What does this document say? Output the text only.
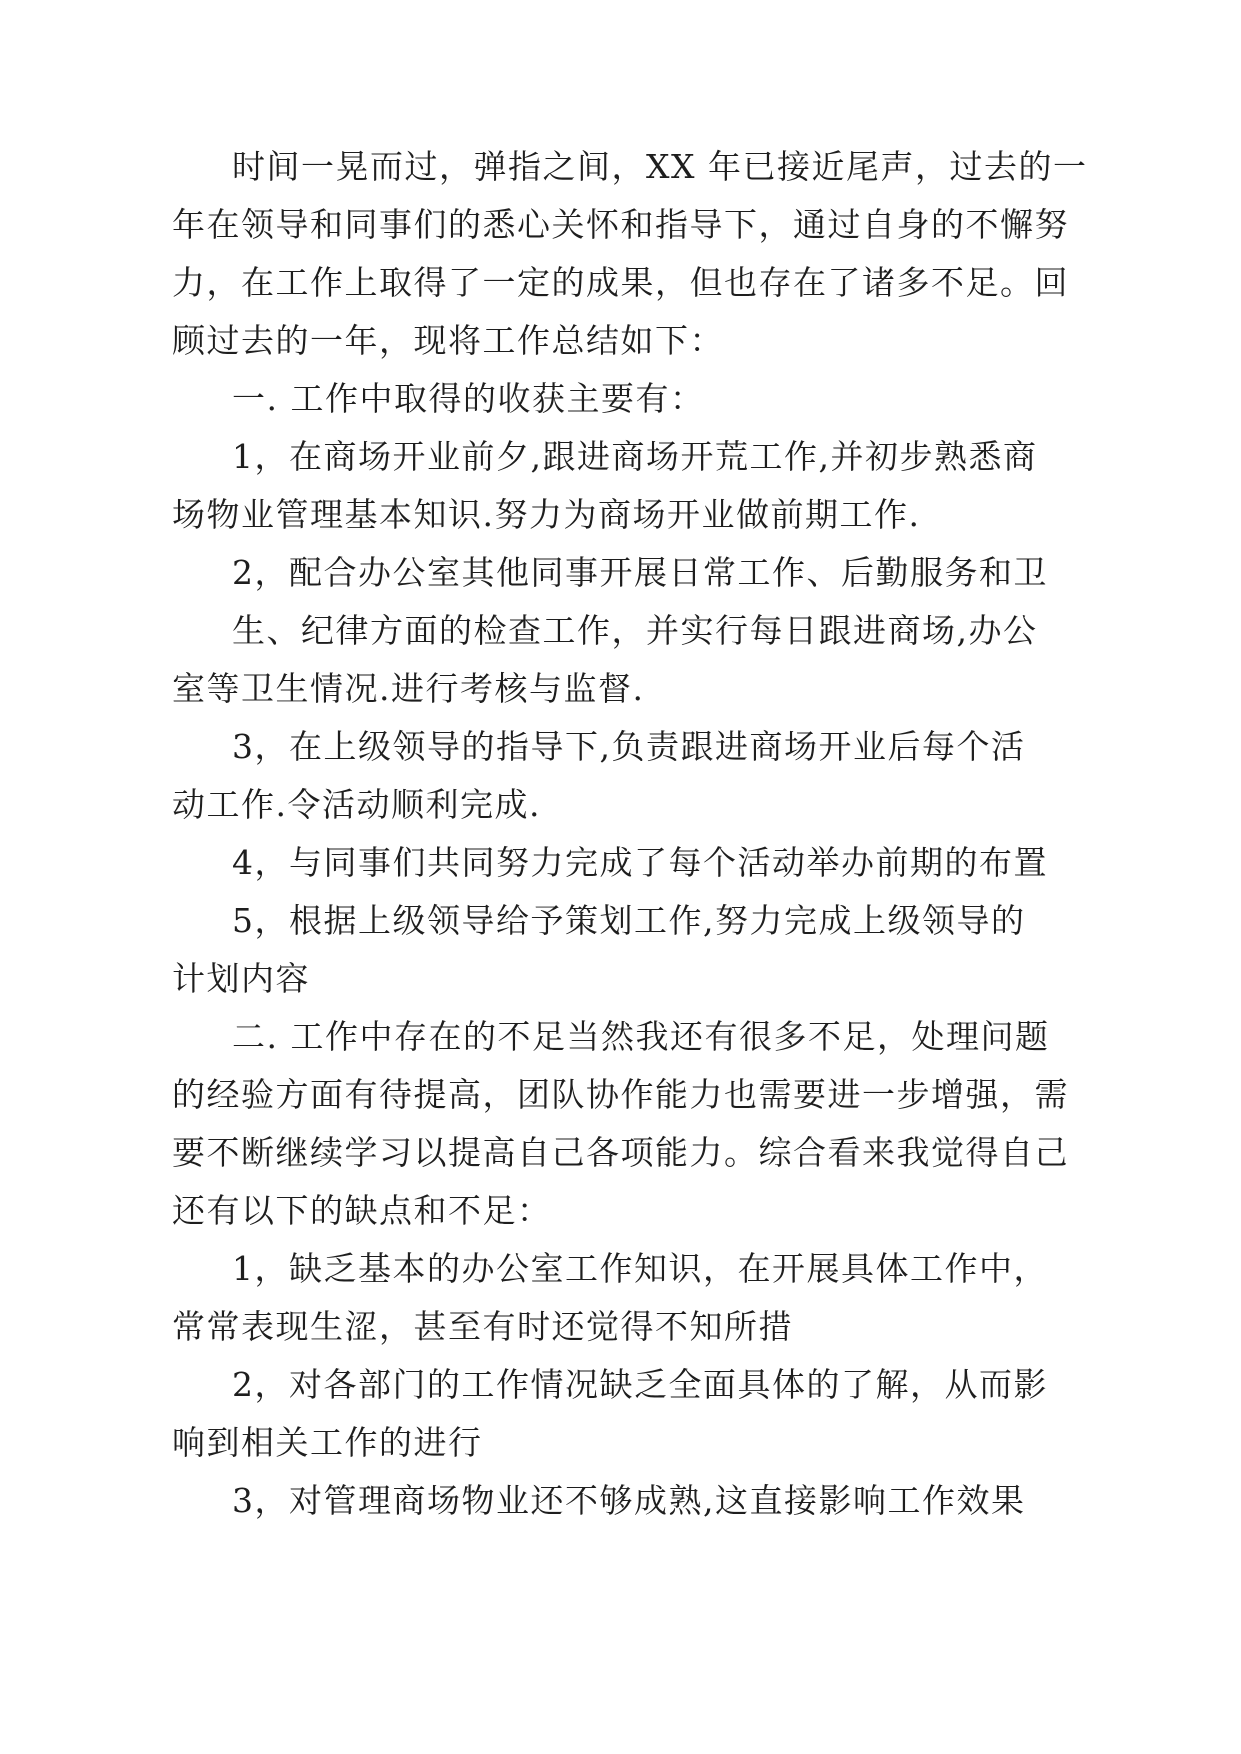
时间一晃而过，弹指之间，XX 年已接近尾声，过去的一
年在领导和同事们的悉心关怀和指导下，通过自身的不懈努
力，在工作上取得了一定的成果，但也存在了诸多不足。回
顾过去的一年，现将工作总结如下：
一. 工作中取得的收获主要有：
1，在商场开业前夕,跟进商场开荒工作,并初步熟悉商
场物业管理基本知识.努力为商场开业做前期工作.
2，配合办公室其他同事开展日常工作、后勤服务和卫
生、纪律方面的检查工作，并实行每日跟进商场,办公
室等卫生情况.进行考核与监督.
3，在上级领导的指导下,负责跟进商场开业后每个活
动工作.令活动顺利完成.
4，与同事们共同努力完成了每个活动举办前期的布置
5，根据上级领导给予策划工作,努力完成上级领导的
计划内容
二. 工作中存在的不足当然我还有很多不足，处理问题
的经验方面有待提高，团队协作能力也需要进一步增强，需
要不断继续学习以提高自己各项能力。综合看来我觉得自己
还有以下的缺点和不足：
1，缺乏基本的办公室工作知识，在开展具体工作中，
常常表现生涩，甚至有时还觉得不知所措
2，对各部门的工作情况缺乏全面具体的了解，从而影
响到相关工作的进行
3，对管理商场物业还不够成熟,这直接影响工作效果
